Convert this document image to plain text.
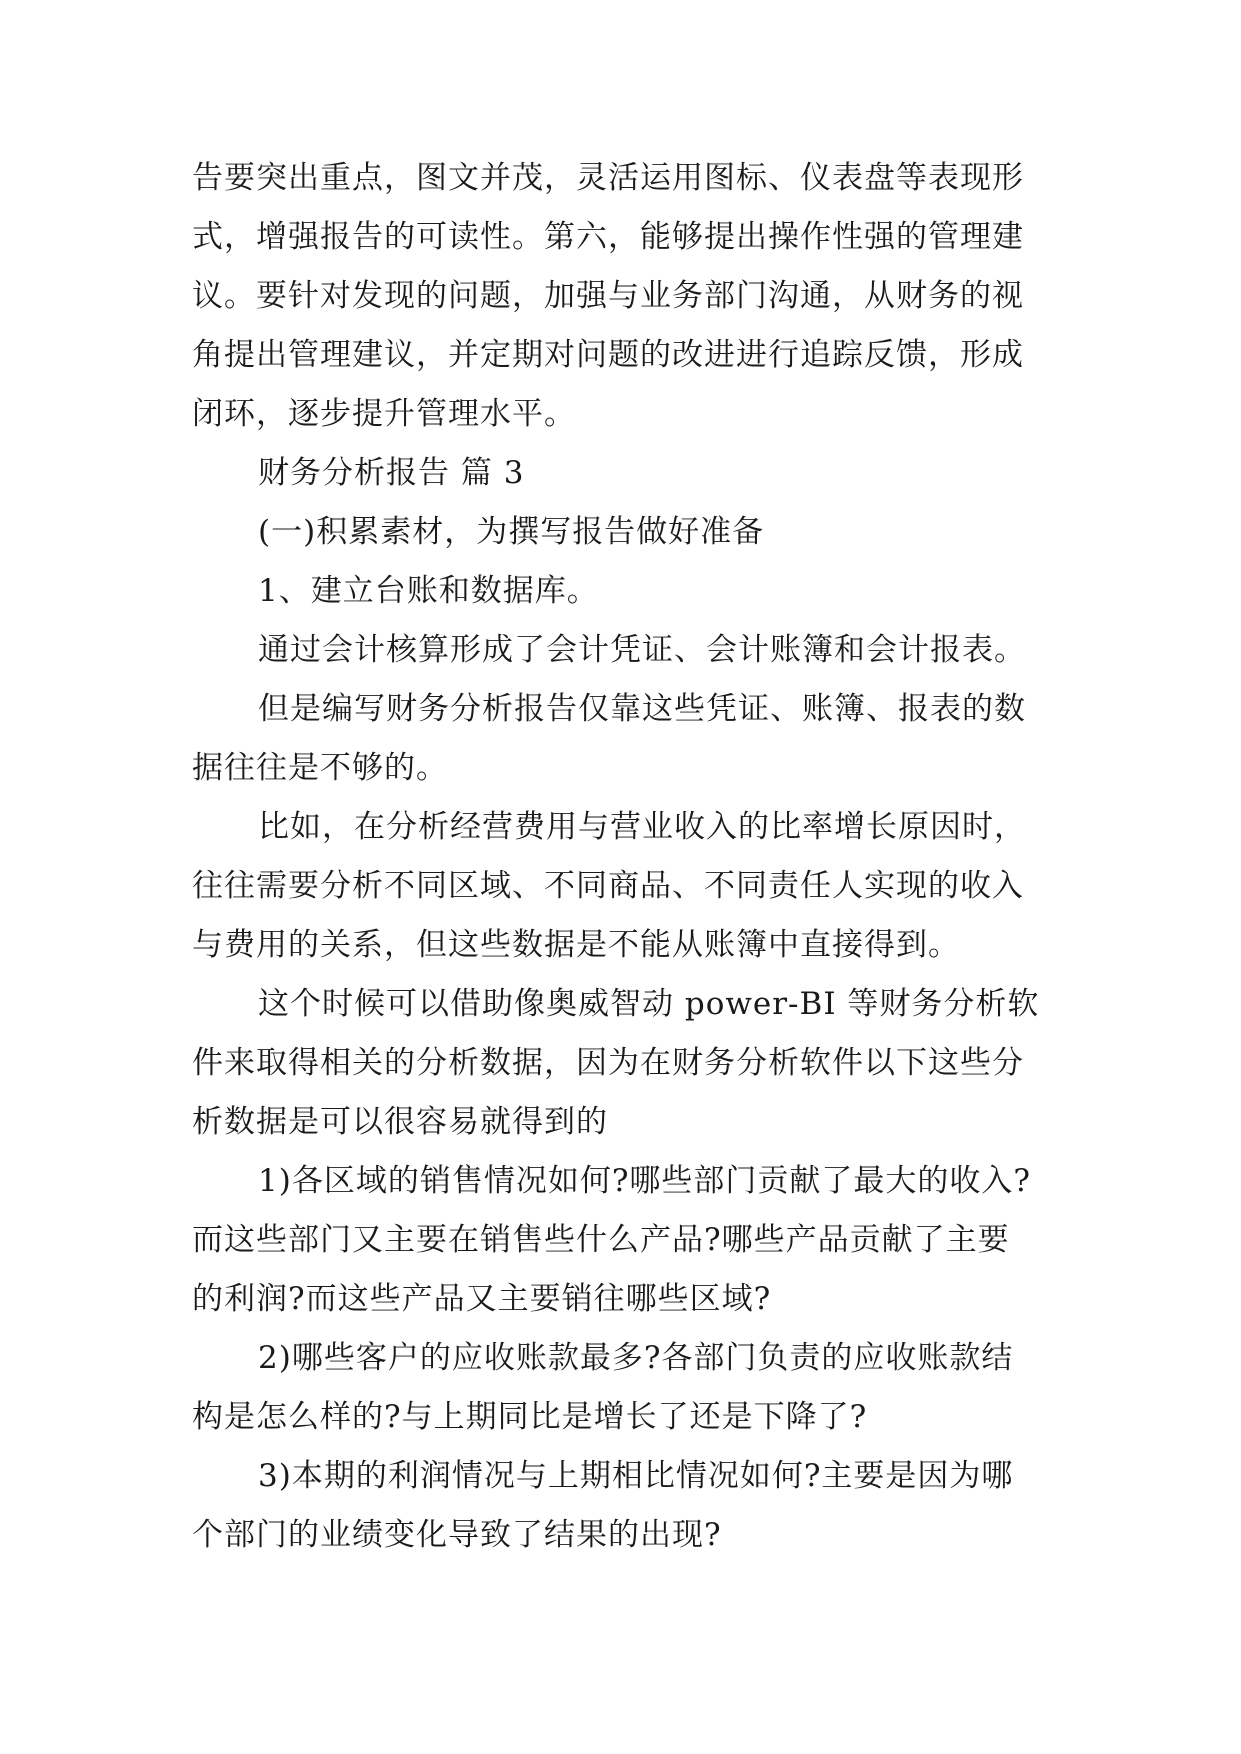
告要突出重点，图文并茂，灵活运用图标、仪表盘等表现形
式，增强报告的可读性。第六，能够提出操作性强的管理建
议。要针对发现的问题，加强与业务部门沟通，从财务的视
角提出管理建议，并定期对问题的改进进行追踪反馈，形成
闭环，逐步提升管理水平。
财务分析报告 篇 3
(一)积累素材，为撰写报告做好准备
1、建立台账和数据库。
通过会计核算形成了会计凭证、会计账簿和会计报表。
但是编写财务分析报告仅靠这些凭证、账簿、报表的数
据往往是不够的。
比如，在分析经营费用与营业收入的比率增长原因时，
往往需要分析不同区域、不同商品、不同责任人实现的收入
与费用的关系，但这些数据是不能从账簿中直接得到。
这个时候可以借助像奥威智动 power-BI 等财务分析软
件来取得相关的分析数据，因为在财务分析软件以下这些分
析数据是可以很容易就得到的
1)各区域的销售情况如何?哪些部门贡献了最大的收入?
而这些部门又主要在销售些什么产品?哪些产品贡献了主要
的利润?而这些产品又主要销往哪些区域?
2)哪些客户的应收账款最多?各部门负责的应收账款结
构是怎么样的?与上期同比是增长了还是下降了?
3)本期的利润情况与上期相比情况如何?主要是因为哪
个部门的业绩变化导致了结果的出现?
